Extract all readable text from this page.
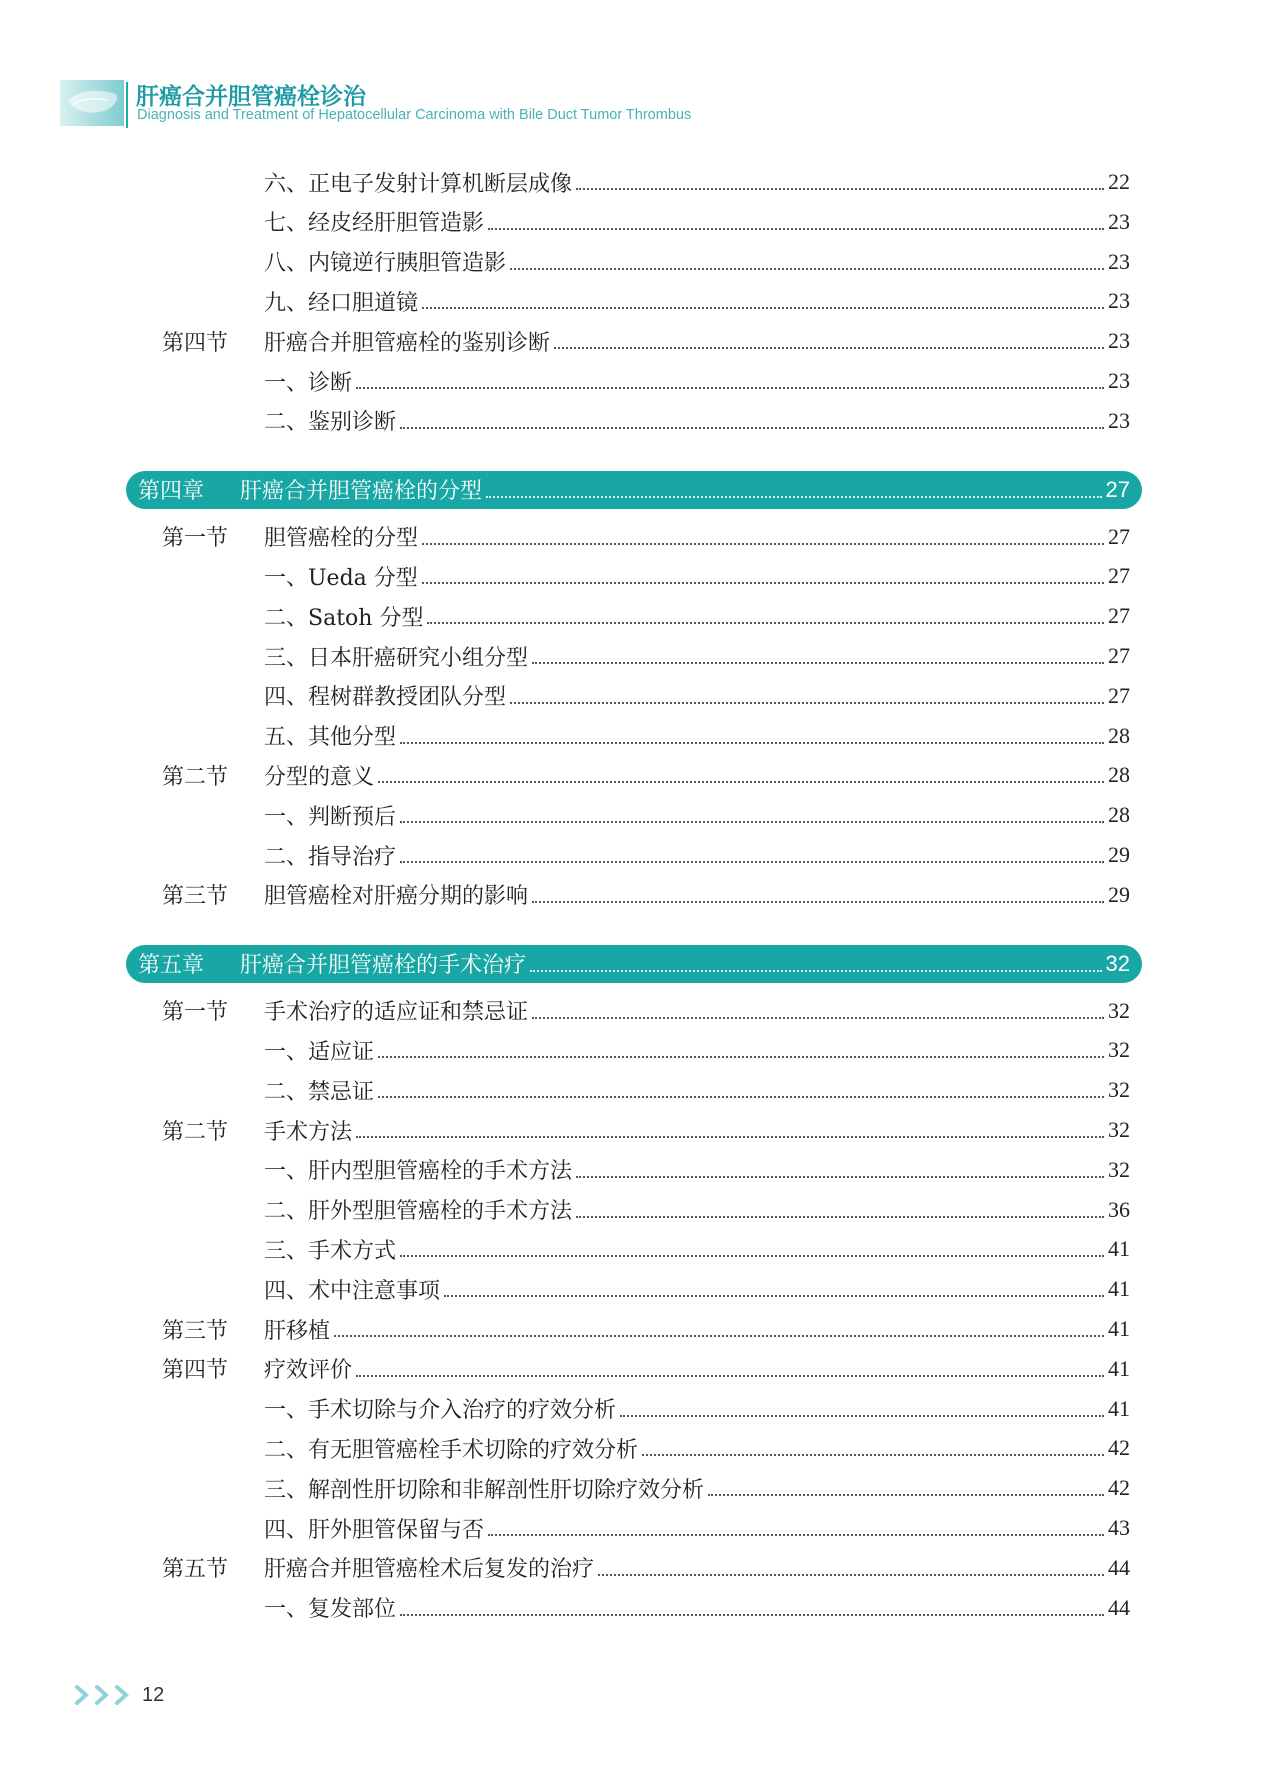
肝癌合并胆管癌栓诊治
Diagnosis and Treatment of Hepatocellular Carcinoma with Bile Duct Tumor Thrombus
六、 正电子发射计算机断层成像	22
七、 经皮经肝胆管造影	23
八、 内镜逆行胰胆管造影	23
九、 经口胆道镜	23
第四节	肝癌合并胆管癌栓的鉴别诊断	23
一、 诊断	23
二、 鉴别诊断	23
第四章	肝癌合并胆管癌栓的分型	27
第一节	胆管癌栓的分型	27
一、 Ueda 分型	27
二、 Satoh 分型	27
三、 日本肝癌研究小组分型	27
四、 程树群教授团队分型	27
五、 其他分型	28
第二节	分型的意义	28
一、 判断预后	28
二、 指导治疗	29
第三节	胆管癌栓对肝癌分期的影响	29
第五章	肝癌合并胆管癌栓的手术治疗	32
第一节	手术治疗的适应证和禁忌证	32
一、 适应证	32
二、 禁忌证	32
第二节	手术方法	32
一、 肝内型胆管癌栓的手术方法	32
二、 肝外型胆管癌栓的手术方法	36
三、 手术方式	41
四、 术中注意事项	41
第三节	肝移植	41
第四节	疗效评价	41
一、 手术切除与介入治疗的疗效分析	41
二、 有无胆管癌栓手术切除的疗效分析	42
三、 解剖性肝切除和非解剖性肝切除疗效分析	42
四、 肝外胆管保留与否	43
第五节	肝癌合并胆管癌栓术后复发的治疗	44
一、 复发部位	44
12
